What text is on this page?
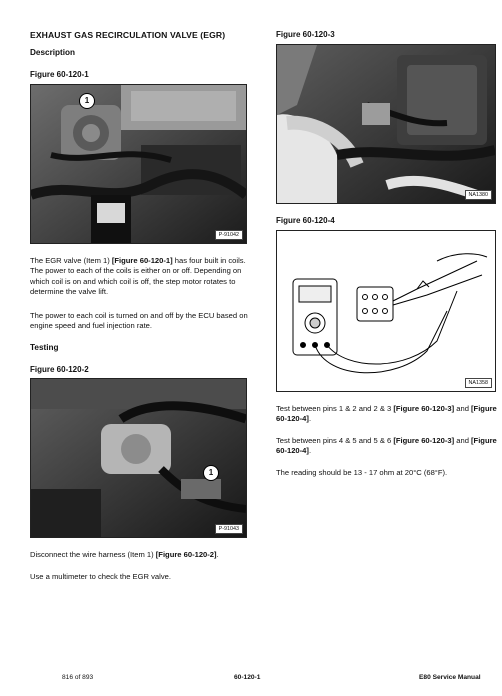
EXHAUST GAS RECIRCULATION VALVE (EGR)
Description
Figure 60-120-1
1
P-91042
The EGR valve (Item 1) [Figure 60-120-1] has four built in coils. The power to each of the coils is either on or off. Depending on which coil is on and which coil is off, the step motor rotates to determine the valve lift.
The power to each coil is turned on and off by the ECU based on engine speed and fuel injection rate.
Testing
Figure 60-120-2
1
P-91043
Disconnect the wire harness (Item 1) [Figure 60-120-2].
Use a multimeter to check the EGR valve.
Figure 60-120-3
NA1380
Figure 60-120-4
NA1358
Test between pins 1 & 2 and 2 & 3 [Figure 60-120-3] and [Figure 60-120-4].
Test between pins 4 & 5 and 5 & 6 [Figure 60-120-3] and [Figure 60-120-4].
The reading should be 13 - 17 ohm at 20°C (68°F).
816 of 893	60-120-1	E80 Service Manual
